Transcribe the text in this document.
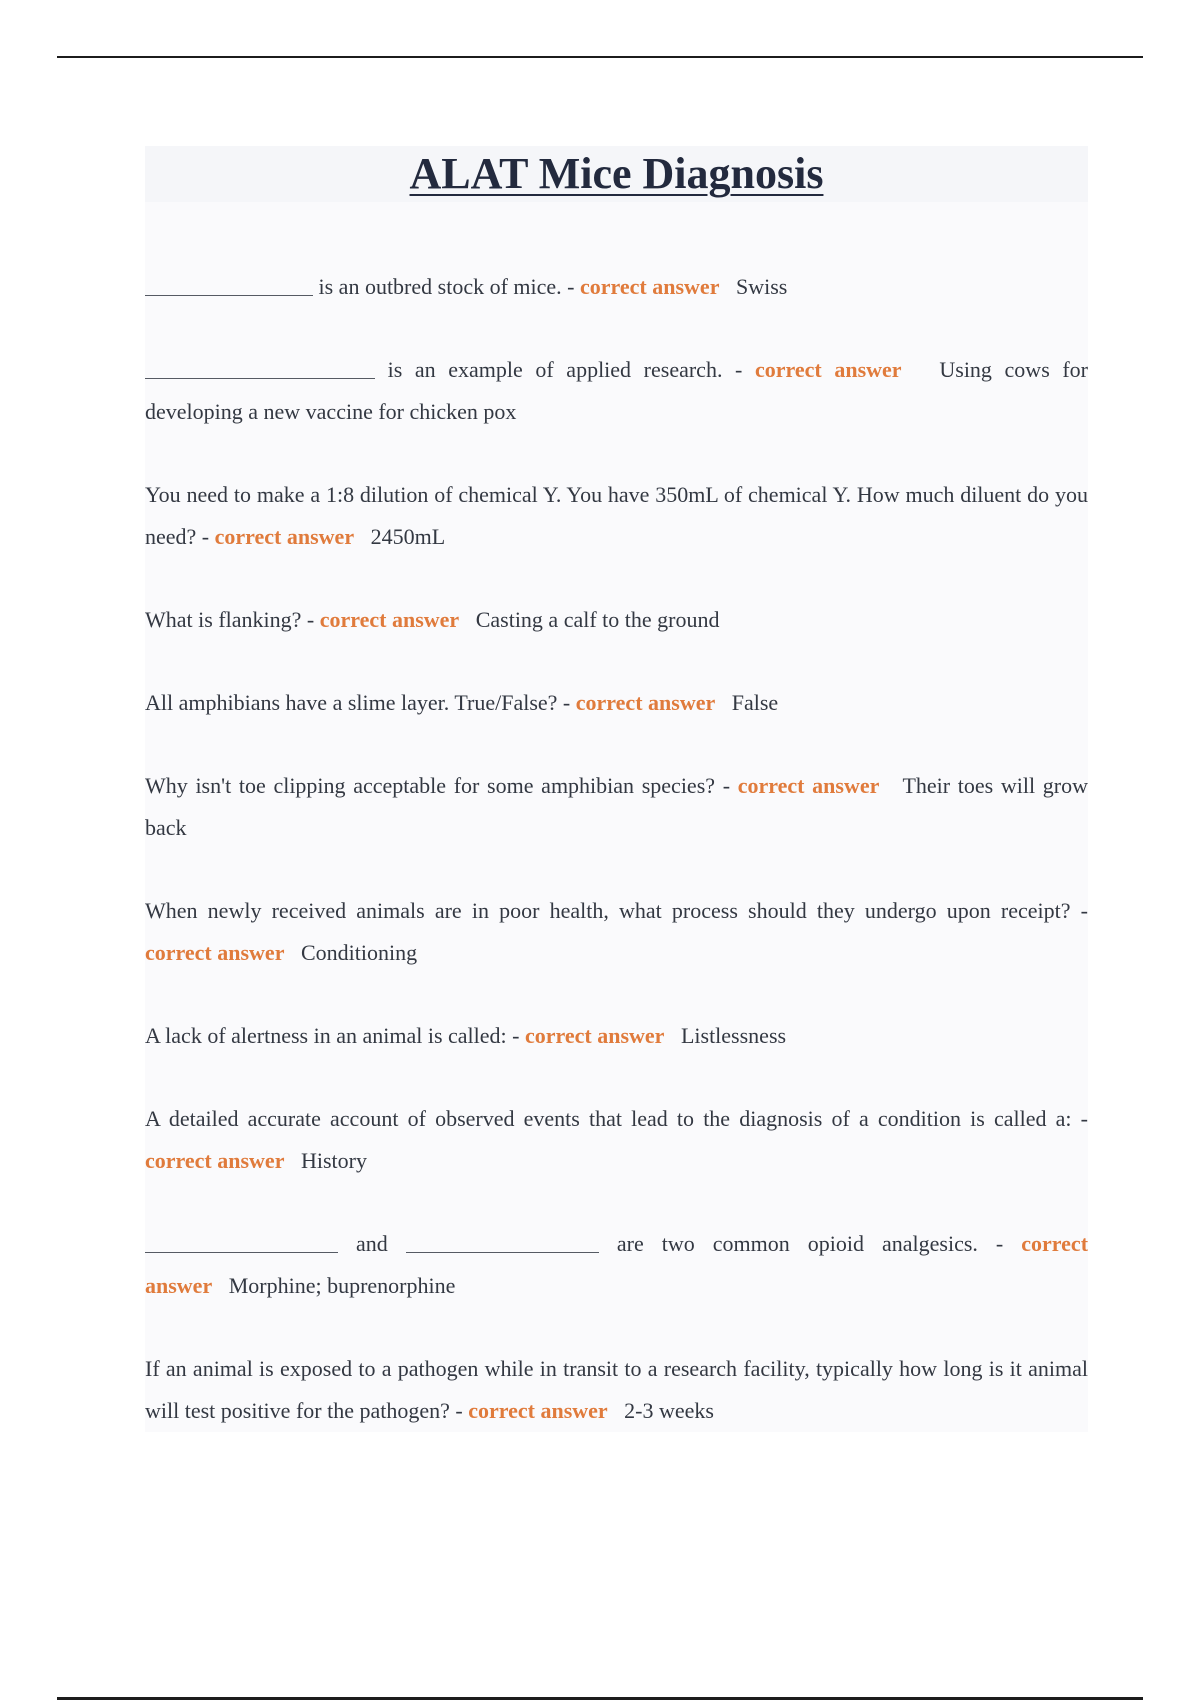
ALAT Mice Diagnosis

is an outbred stock of mice. - correct answer Swiss

is an example of applied research. - correct answer Using cows for developing a new vaccine for chicken pox

You need to make a 1:8 dilution of chemical Y. You have 350mL of chemical Y. How much diluent do you need? - correct answer 2450mL

What is flanking? - correct answer Casting a calf to the ground

All amphibians have a slime layer. True/False? - correct answer False

Why isn't toe clipping acceptable for some amphibian species? - correct answer Their toes will grow back

When newly received animals are in poor health, what process should they undergo upon receipt? - correct answer Conditioning

A lack of alertness in an animal is called: - correct answer Listlessness

A detailed accurate account of observed events that lead to the diagnosis of a condition is called a: - correct answer History

and	are two common opioid analgesics. - correct answer Morphine; buprenorphine

If an animal is exposed to a pathogen while in transit to a research facility, typically how long is it animal will test positive for the pathogen? - correct answer 2-3 weeks
